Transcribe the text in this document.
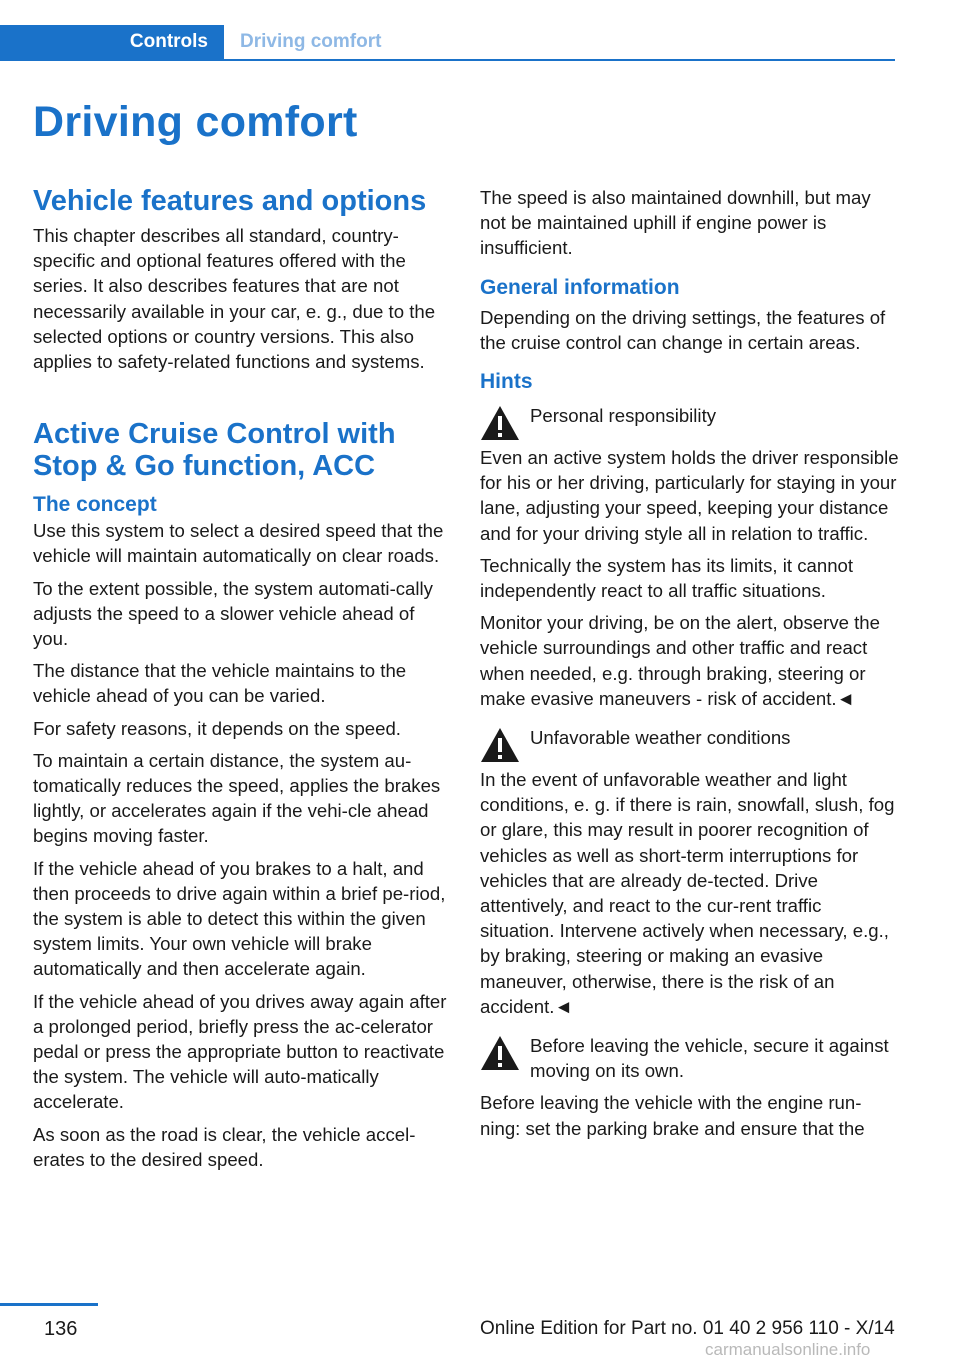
Controls Driving comfort
Driving comfort
Vehicle features and options
This chapter describes all standard, country-specific and optional features offered with the series. It also describes features that are not necessarily available in your car, e. g., due to the selected options or country versions. This also applies to safety-related functions and systems.
Active Cruise Control with Stop & Go function, ACC
The concept
Use this system to select a desired speed that the vehicle will maintain automatically on clear roads.
To the extent possible, the system automati-cally adjusts the speed to a slower vehicle ahead of you.
The distance that the vehicle maintains to the vehicle ahead of you can be varied.
For safety reasons, it depends on the speed.
To maintain a certain distance, the system au-tomatically reduces the speed, applies the brakes lightly, or accelerates again if the vehi-cle ahead begins moving faster.
If the vehicle ahead of you brakes to a halt, and then proceeds to drive again within a brief pe-riod, the system is able to detect this within the given system limits. Your own vehicle will brake automatically and then accelerate again.
If the vehicle ahead of you drives away again after a prolonged period, briefly press the ac-celerator pedal or press the appropriate button to reactivate the system. The vehicle will auto-matically accelerate.
As soon as the road is clear, the vehicle accel-erates to the desired speed.
The speed is also maintained downhill, but may not be maintained uphill if engine power is insufficient.
General information
Depending on the driving settings, the features of the cruise control can change in certain areas.
Hints
Personal responsibility
Even an active system holds the driver responsible for his or her driving, particularly for staying in your lane, adjusting your speed, keeping your distance and for your driving style all in relation to traffic.
Technically the system has its limits, it cannot independently react to all traffic situations.
Monitor your driving, be on the alert, observe the vehicle surroundings and other traffic and react when needed, e.g. through braking, steering or make evasive maneuvers - risk of accident.◄
Unfavorable weather conditions
In the event of unfavorable weather and light conditions, e. g. if there is rain, snowfall, slush, fog or glare, this may result in poorer recognition of vehicles as well as short-term interruptions for vehicles that are already de-tected. Drive attentively, and react to the cur-rent traffic situation. Intervene actively when necessary, e.g., by braking, steering or making an evasive maneuver, otherwise, there is the risk of an accident.◄
Before leaving the vehicle, secure it against moving on its own.
Before leaving the vehicle with the engine run-ning: set the parking brake and ensure that the
136	Online Edition for Part no. 01 40 2 956 110 - X/14
carmanualsonline.info
